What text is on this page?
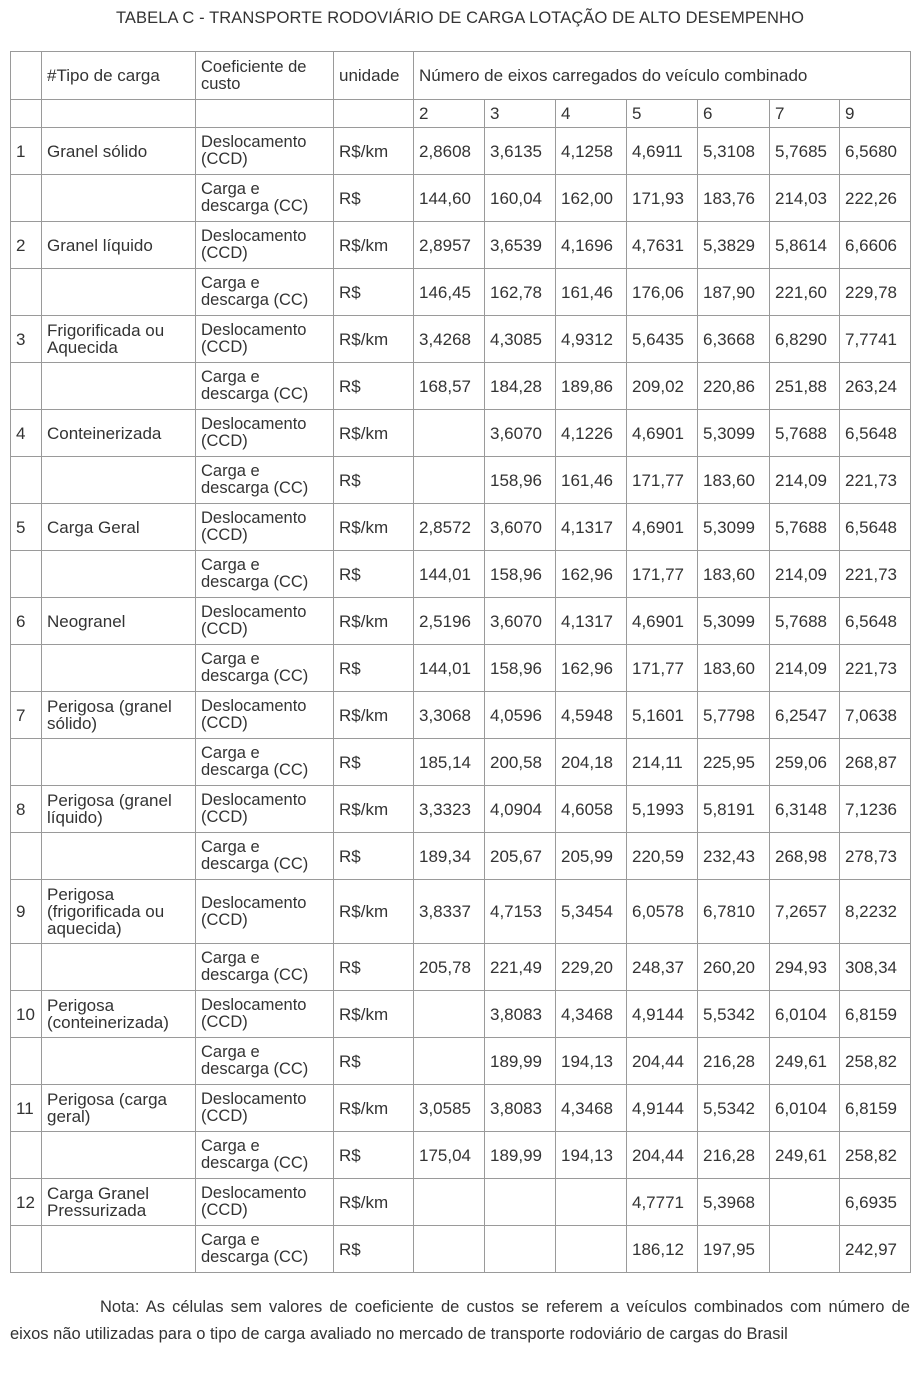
TABELA C - TRANSPORTE RODOVIÁRIO DE CARGA LOTAÇÃO DE ALTO DESEMPENHO
	#Tipo de carga	Coeficiente de custo	unidade	Número de eixos carregados do veículo combinado						
				2	3	4	5	6	7	9
1	Granel sólido	Deslocamento (CCD)	R$/km	2,8608	3,6135	4,1258	4,6911	5,3108	5,7685	6,5680
		Carga e descarga (CC)	R$	144,60	160,04	162,00	171,93	183,76	214,03	222,26
2	Granel líquido	Deslocamento (CCD)	R$/km	2,8957	3,6539	4,1696	4,7631	5,3829	5,8614	6,6606
		Carga e descarga (CC)	R$	146,45	162,78	161,46	176,06	187,90	221,60	229,78
3	Frigorificada ou Aquecida	Deslocamento (CCD)	R$/km	3,4268	4,3085	4,9312	5,6435	6,3668	6,8290	7,7741
		Carga e descarga (CC)	R$	168,57	184,28	189,86	209,02	220,86	251,88	263,24
4	Conteinerizada	Deslocamento (CCD)	R$/km		3,6070	4,1226	4,6901	5,3099	5,7688	6,5648
		Carga e descarga (CC)	R$		158,96	161,46	171,77	183,60	214,09	221,73
5	Carga Geral	Deslocamento (CCD)	R$/km	2,8572	3,6070	4,1317	4,6901	5,3099	5,7688	6,5648
		Carga e descarga (CC)	R$	144,01	158,96	162,96	171,77	183,60	214,09	221,73
6	Neogranel	Deslocamento (CCD)	R$/km	2,5196	3,6070	4,1317	4,6901	5,3099	5,7688	6,5648
		Carga e descarga (CC)	R$	144,01	158,96	162,96	171,77	183,60	214,09	221,73
7	Perigosa (granel sólido)	Deslocamento (CCD)	R$/km	3,3068	4,0596	4,5948	5,1601	5,7798	6,2547	7,0638
		Carga e descarga (CC)	R$	185,14	200,58	204,18	214,11	225,95	259,06	268,87
8	Perigosa (granel líquido)	Deslocamento (CCD)	R$/km	3,3323	4,0904	4,6058	5,1993	5,8191	6,3148	7,1236
		Carga e descarga (CC)	R$	189,34	205,67	205,99	220,59	232,43	268,98	278,73
9	Perigosa (frigorificada ou aquecida)	Deslocamento (CCD)	R$/km	3,8337	4,7153	5,3454	6,0578	6,7810	7,2657	8,2232
		Carga e descarga (CC)	R$	205,78	221,49	229,20	248,37	260,20	294,93	308,34
10	Perigosa (conteinerizada)	Deslocamento (CCD)	R$/km		3,8083	4,3468	4,9144	5,5342	6,0104	6,8159
		Carga e descarga (CC)	R$		189,99	194,13	204,44	216,28	249,61	258,82
11	Perigosa (carga geral)	Deslocamento (CCD)	R$/km	3,0585	3,8083	4,3468	4,9144	5,5342	6,0104	6,8159
		Carga e descarga (CC)	R$	175,04	189,99	194,13	204,44	216,28	249,61	258,82
12	Carga Granel Pressurizada	Deslocamento (CCD)	R$/km				4,7771	5,3968		6,6935
		Carga e descarga (CC)	R$				186,12	197,95		242,97
Nota: As células sem valores de coeficiente de custos se referem a veículos combinados com número de eixos não utilizadas para o tipo de carga avaliado no mercado de transporte rodoviário de cargas do Brasil
